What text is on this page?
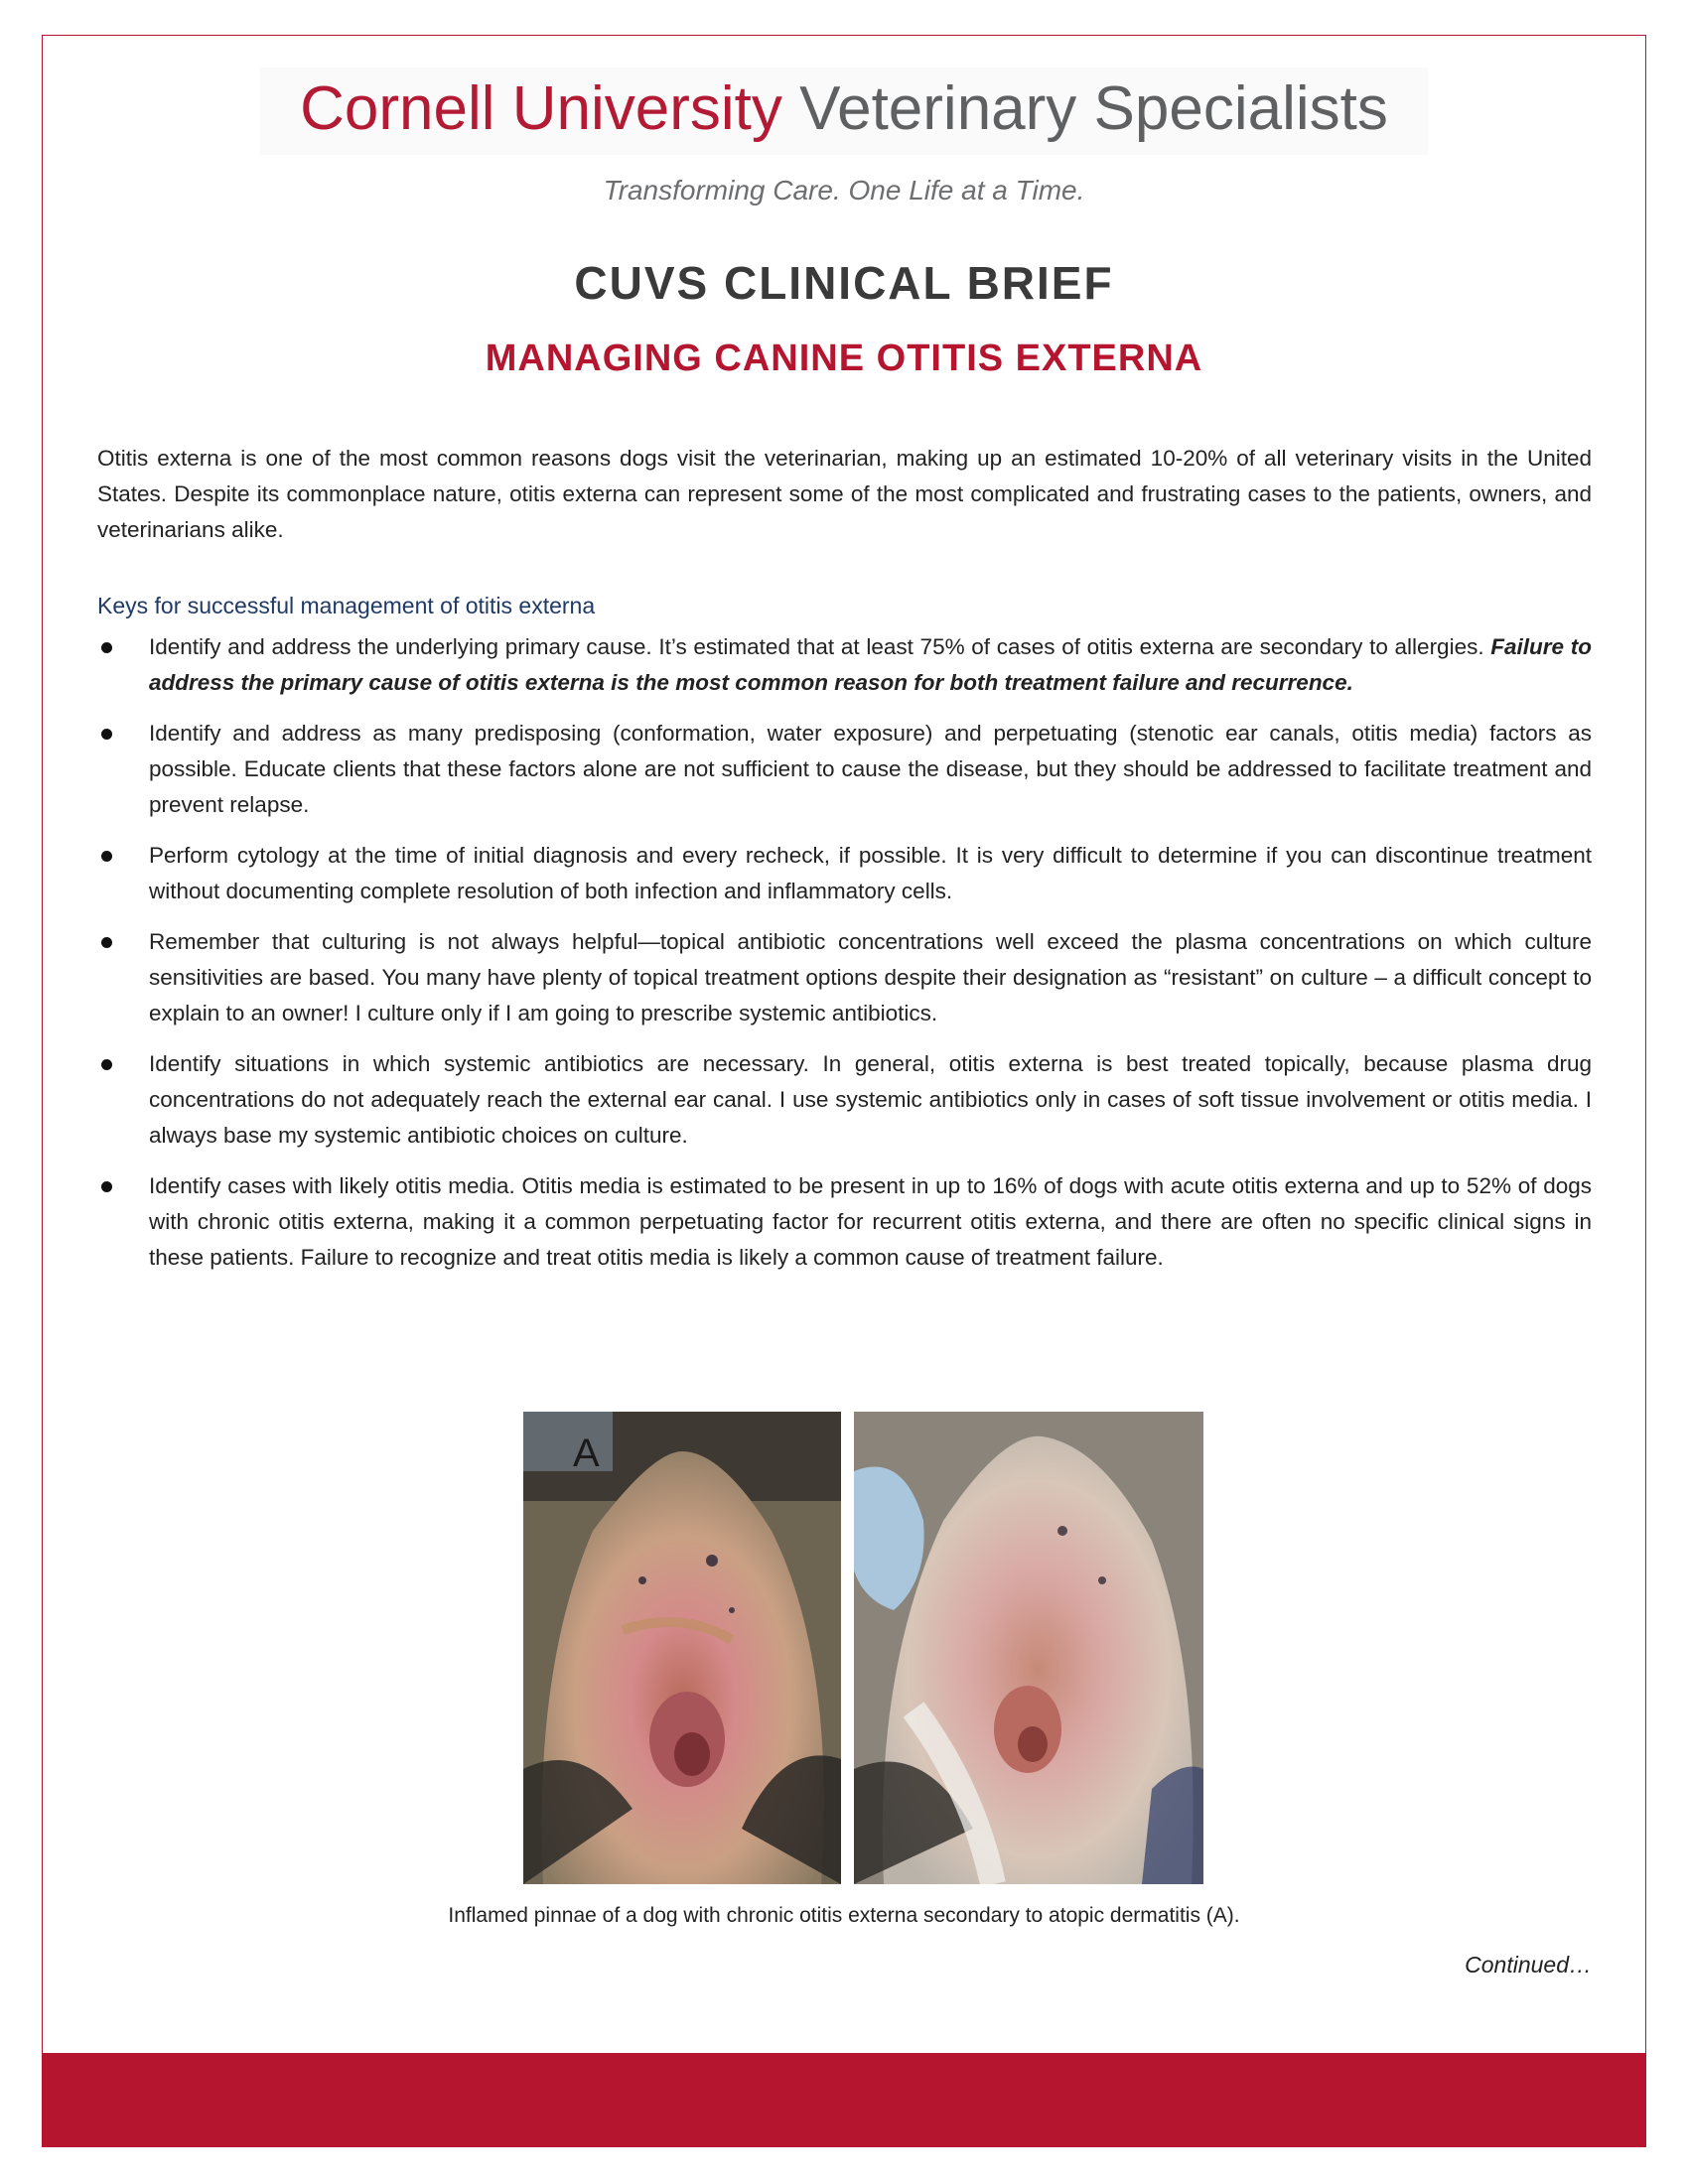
Cornell University Veterinary Specialists
Transforming Care. One Life at a Time.
CUVS CLINICAL BRIEF
MANAGING CANINE OTITIS EXTERNA

Otitis externa is one of the most common reasons dogs visit the veterinarian, making up an estimated 10-20% of all veterinary visits in the United States. Despite its commonplace nature, otitis externa can represent some of the most complicated and frustrating cases to the patients, owners, and veterinarians alike.

Keys for successful management of otitis externa
Identify and address the underlying primary cause. It’s estimated that at least 75% of cases of otitis externa are secondary to allergies. Failure to address the primary cause of otitis externa is the most common reason for both treatment failure and recurrence.
Identify and address as many predisposing (conformation, water exposure) and perpetuating (stenotic ear canals, otitis media) factors as possible. Educate clients that these factors alone are not sufficient to cause the disease, but they should be addressed to facilitate treatment and prevent relapse.
Perform cytology at the time of initial diagnosis and every recheck, if possible. It is very difficult to determine if you can discontinue treatment without documenting complete resolution of both infection and inflammatory cells.
Remember that culturing is not always helpful—topical antibiotic concentrations well exceed the plasma concentrations on which culture sensitivities are based. You many have plenty of topical treatment options despite their designation as “resistant” on culture – a difficult concept to explain to an owner! I culture only if I am going to prescribe systemic antibiotics.
Identify situations in which systemic antibiotics are necessary. In general, otitis externa is best treated topically, because plasma drug concentrations do not adequately reach the external ear canal. I use systemic antibiotics only in cases of soft tissue involvement or otitis media. I always base my systemic antibiotic choices on culture.
Identify cases with likely otitis media. Otitis media is estimated to be present in up to 16% of dogs with acute otitis externa and up to 52% of dogs with chronic otitis externa, making it a common perpetuating factor for recurrent otitis externa, and there are often no specific clinical signs in these patients. Failure to recognize and treat otitis media is likely a common cause of treatment failure.
A
Inflamed pinnae of a dog with chronic otitis externa secondary to atopic dermatitis (A).
Continued…
